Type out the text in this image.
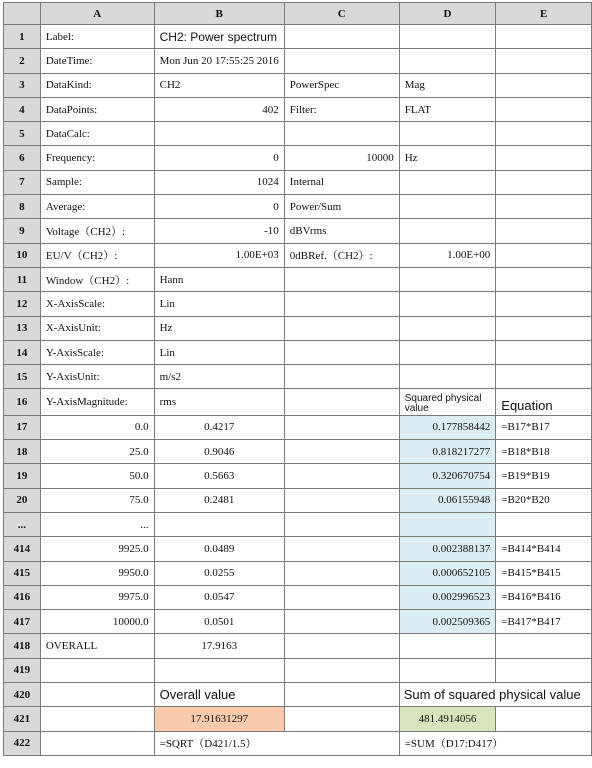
	A	B	C	D	E
1	Label:	CH2: Power spectrum			
2	DateTime:	Mon Jun 20 17:55:25 2016			
3	DataKind:	CH2	PowerSpec	Mag	
4	DataPoints:	402	Filter:	FLAT	
5	DataCalc:				
6	Frequency:	0	10000	Hz	
7	Sample:	1024	Internal		
8	Average:	0	Power/Sum		
9	Voltage（CH2）:	-10	dBVrms		
10	EU/V（CH2）:	1.00E+03	0dBRef.（CH2）:	1.00E+00	
11	Window（CH2）:	Hann			
12	X-AxisScale:	Lin			
13	X-AxisUnit:	Hz			
14	Y-AxisScale:	Lin			
15	Y-AxisUnit:	m/s2			
16	Y-AxisMagnitude:	rms		Squared physical value	Equation
17	0.0	0.4217		0.177858442	=B17*B17
18	25.0	0.9046		0.818217277	=B18*B18
19	50.0	0.5663		0.320670754	=B19*B19
20	75.0	0.2481		0.06155948	=B20*B20
...	...				
414	9925.0	0.0489		0.002388137	=B414*B414
415	9950.0	0.0255		0.000652105	=B415*B415
416	9975.0	0.0547		0.002996523	=B416*B416
417	10000.0	0.0501		0.002509365	=B417*B417
418	OVERALL	17.9163			
419					
420		Overall value		Sum of squared physical value	
421		17.91631297		481.4914056	
422		=SQRT（D421/1.5）		=SUM（D17:D417）	
